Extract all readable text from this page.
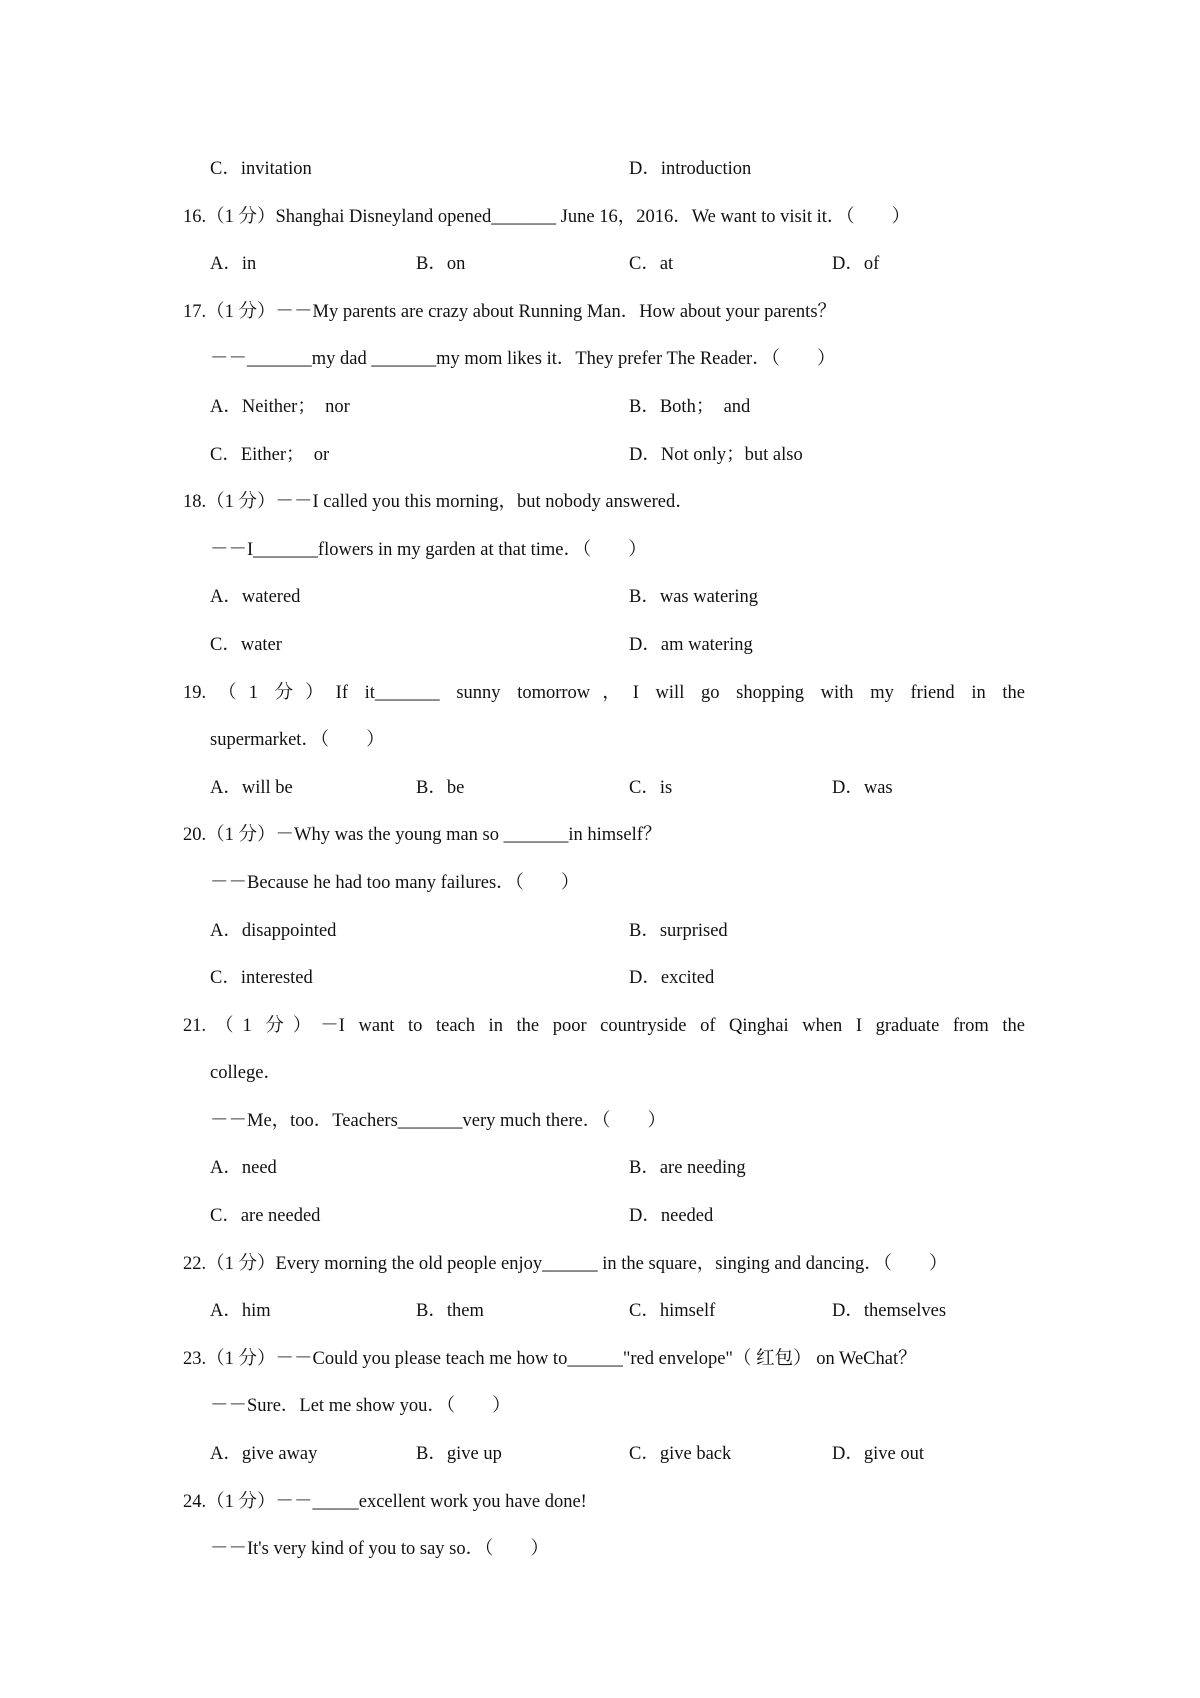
C．invitation	D．introduction
16.（1 分）Shanghai Disneyland opened_______ June 16，2016．We want to visit it．（　　）
A．in	B．on	C．at	D．of
17.（1 分）－－My parents are crazy about Running Man．How about your parents？
－－_______my dad _______my mom likes it．They prefer The Reader．（　　）
A．Neither；  nor	B．Both；  and
C．Either；  or	D．Not only；but also
18.（1 分）－－I called you this morning，but nobody answered．
－－I_______flowers in my garden at that time．（　　）
A．watered	B．was watering
C．water	D．am watering
19.（1 分）If it_______ sunny tomorrow，I will go shopping with my friend in the
supermarket．（　　）
A．will be	B．be	C．is	D．was
20.（1 分）－Why was the young man so _______in himself？
－－Because he had too many failures．（　　）
A．disappointed	B．surprised
C．interested	D．excited
21.（1 分）－I want to teach in the poor countryside of Qinghai when I graduate from the
college．
－－Me，too．Teachers_______very much there．（　　）
A．need	B．are needing
C．are needed	D．needed
22.（1 分）Every morning the old people enjoy______ in the square，singing and dancing．（　　）
A．him	B．them	C．himself	D．themselves
23.（1 分）－－Could you please teach me how to______"red envelope"（ 红包） on WeChat？
－－Sure．Let me show you．（　　）
A．give away	B．give up	C．give back	D．give out
24.（1 分）－－_____excellent work you have done!
－－It's very kind of you to say so．（　　）
